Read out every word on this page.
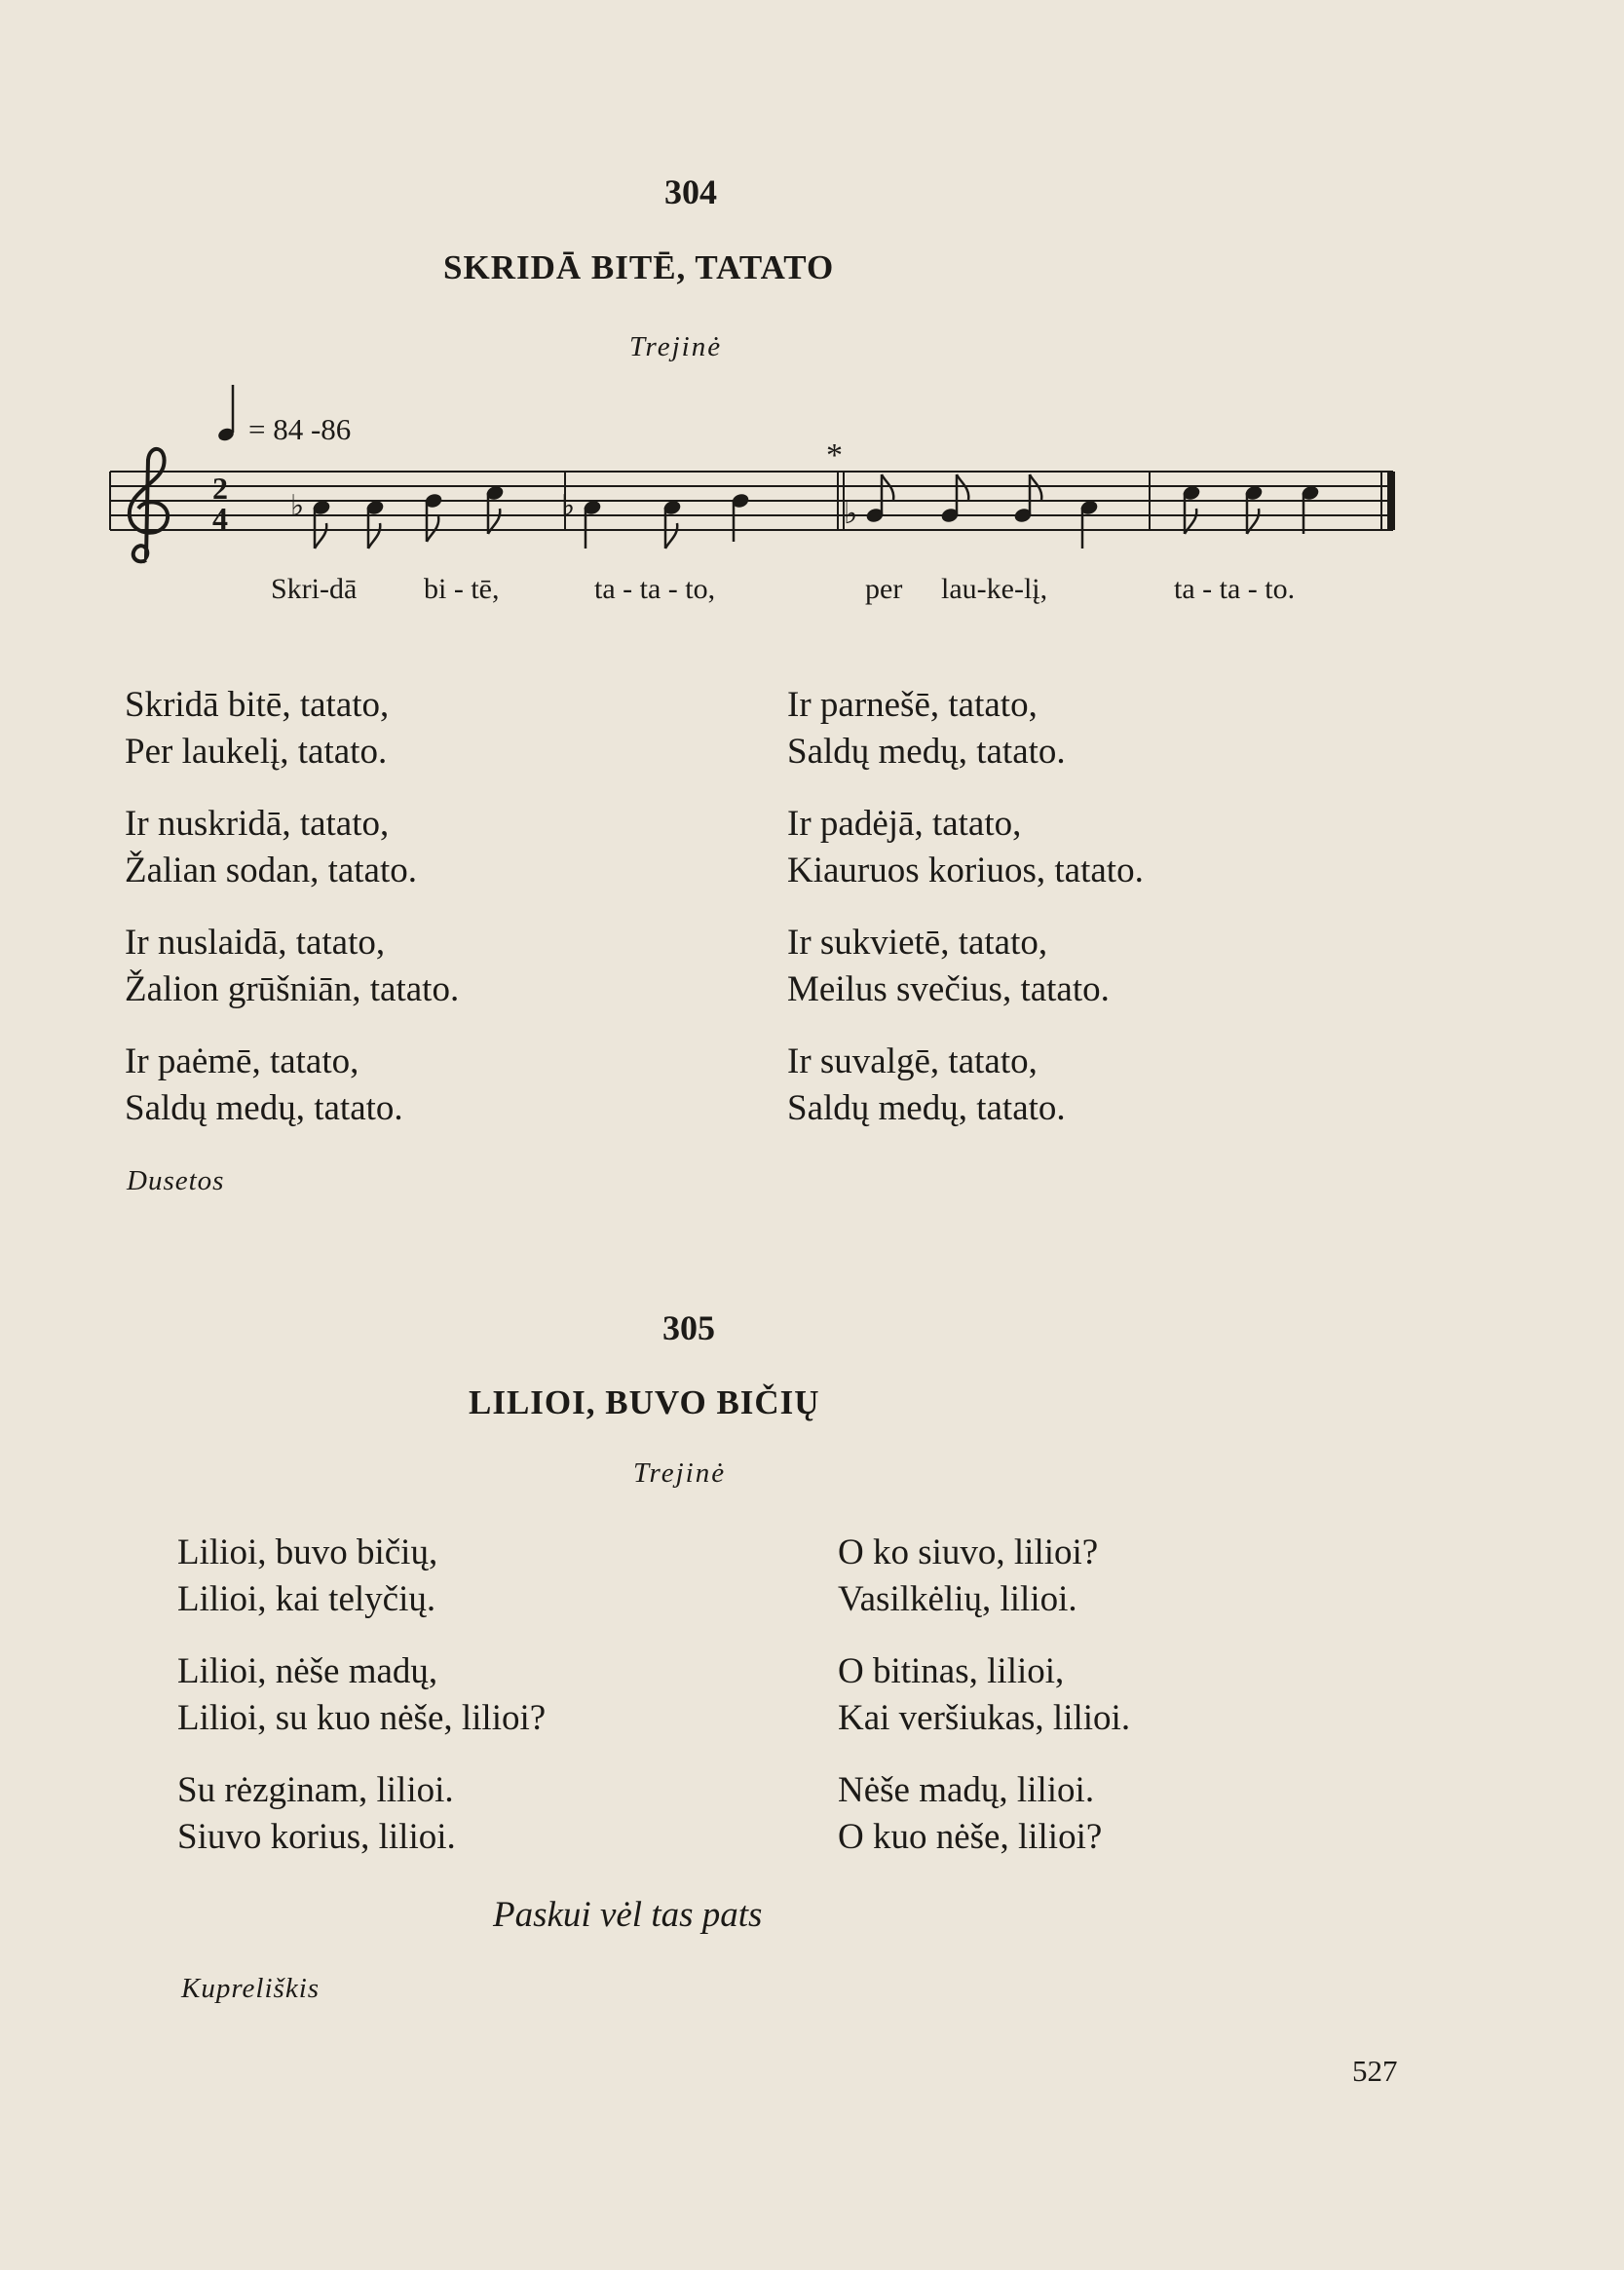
304
SKRIDĀ BITĒ, TATATO
Trejinė
= 84 -86
2
4
*
♭	♭	♭
Skri-dā bi - tē,	ta - ta - to,	per lau-ke-lį,	ta - ta - to.
Skridā bitē, tatato,
Per laukelį, tatato.
Ir nuskridā, tatato,
Žalian sodan, tatato.
Ir nuslaidā, tatato,
Žalion grūšniān, tatato.
Ir paėmē, tatato,
Saldų medų, tatato.
Ir parnešē, tatato,
Saldų medų, tatato.
Ir padėjā, tatato,
Kiauruos koriuos, tatato.
Ir sukvietē, tatato,
Meilus svečius, tatato.
Ir suvalgē, tatato,
Saldų medų, tatato.
Dusetos
305
LILIOI, BUVO BIČIŲ
Trejinė
Lilioi, buvo bičių,
Lilioi, kai telyčių.
Lilioi, nėše madų,
Lilioi, su kuo nėše, lilioi?
Su rėzginam, lilioi.
Siuvo korius, lilioi.
O ko siuvo, lilioi?
Vasilkėlių, lilioi.
O bitinas, lilioi,
Kai veršiukas, lilioi.
Nėše madų, lilioi.
O kuo nėše, lilioi?
Paskui vėl tas pats
Kupreliškis
527
